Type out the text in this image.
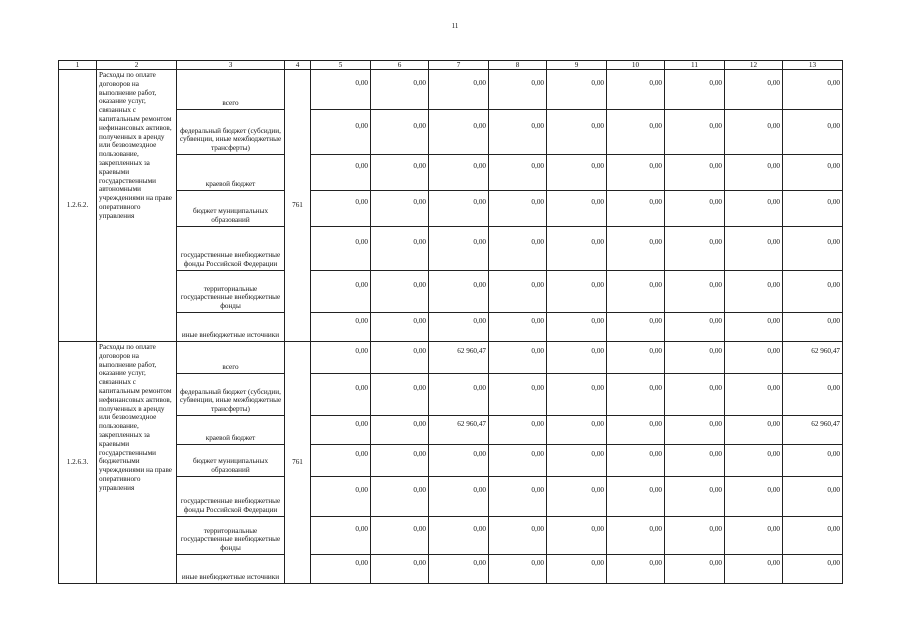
11
1	2	3	4	5	6	7	8	9	10	11	12	13
1.2.6.2.	Расходы по оплате договоров на выполнение работ, оказание услуг, связанных с капитальным ремонтом нефинансовых активов, полученных в аренду или безвозмездное пользование, закрепленных за краевыми государственными автономными учреждениями на праве оперативного управления	всего	761	0,00	0,00	0,00	0,00	0,00	0,00	0,00	0,00	0,00
		федеральный бюджет (субсидии, субвенции, иные межбюджетные трансферты)		0,00	0,00	0,00	0,00	0,00	0,00	0,00	0,00	0,00
		краевой бюджет		0,00	0,00	0,00	0,00	0,00	0,00	0,00	0,00	0,00
		бюджет муниципальных образований		0,00	0,00	0,00	0,00	0,00	0,00	0,00	0,00	0,00
		государственные внебюджетные фонды Российской Федерации		0,00	0,00	0,00	0,00	0,00	0,00	0,00	0,00	0,00
		территориальные государственные внебюджетные фонды		0,00	0,00	0,00	0,00	0,00	0,00	0,00	0,00	0,00
		иные внебюджетные источники		0,00	0,00	0,00	0,00	0,00	0,00	0,00	0,00	0,00
1.2.6.3.	Расходы по оплате договоров на выполнение работ, оказание услуг, связанных с капитальным ремонтом нефинансовых активов, полученных в аренду или безвозмездное пользование, закрепленных за краевыми государственными бюджетными учреждениями на праве оперативного управления	всего	761	0,00	0,00	62 960,47	0,00	0,00	0,00	0,00	0,00	62 960,47
		федеральный бюджет (субсидии, субвенции, иные межбюджетные трансферты)		0,00	0,00	0,00	0,00	0,00	0,00	0,00	0,00	0,00
		краевой бюджет		0,00	0,00	62 960,47	0,00	0,00	0,00	0,00	0,00	62 960,47
		бюджет муниципальных образований		0,00	0,00	0,00	0,00	0,00	0,00	0,00	0,00	0,00
		государственные внебюджетные фонды Российской Федерации		0,00	0,00	0,00	0,00	0,00	0,00	0,00	0,00	0,00
		территориальные государственные внебюджетные фонды		0,00	0,00	0,00	0,00	0,00	0,00	0,00	0,00	0,00
		иные внебюджетные источники		0,00	0,00	0,00	0,00	0,00	0,00	0,00	0,00	0,00
